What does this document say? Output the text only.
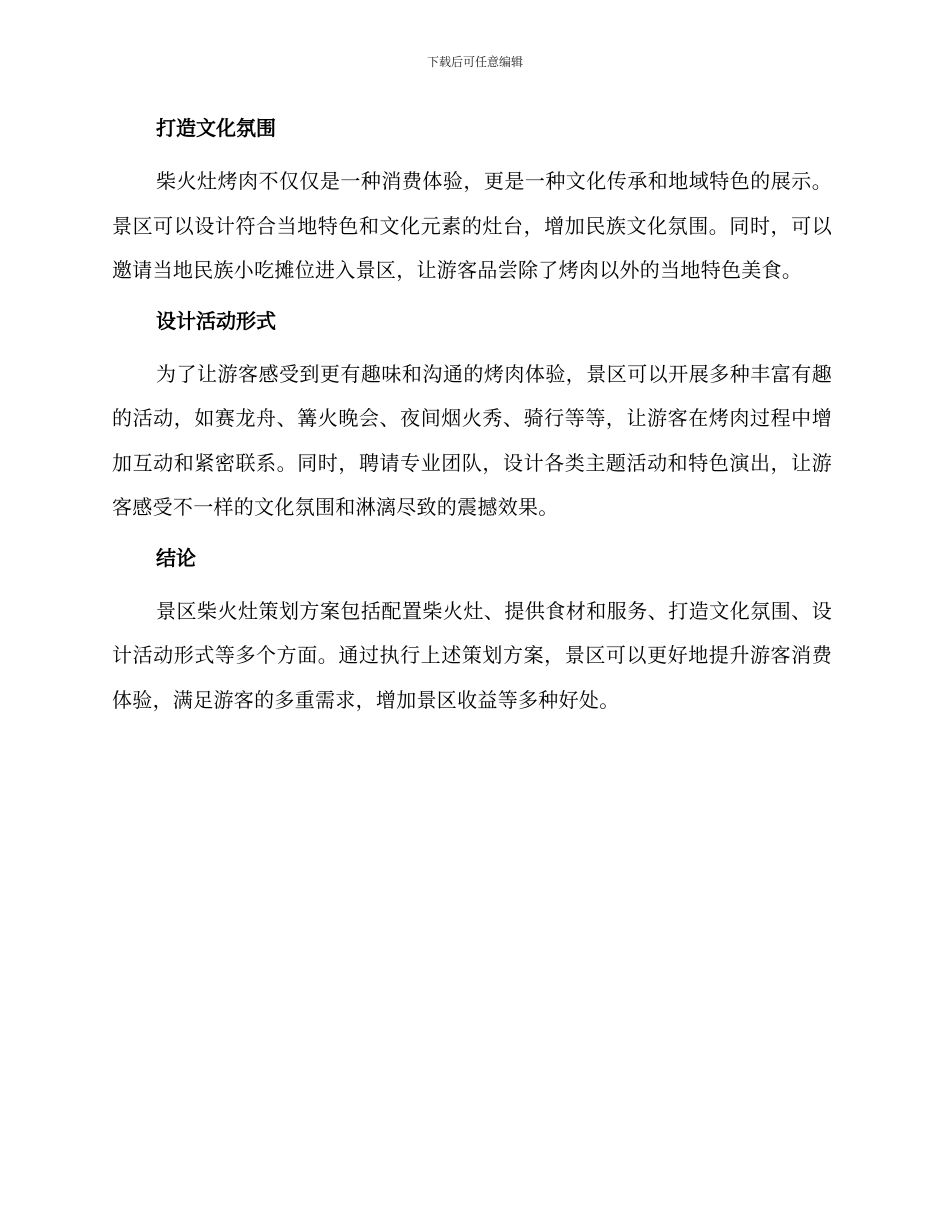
下载后可任意编辑
打造文化氛围

柴火灶烤肉不仅仅是一种消费体验，更是一种文化传承和地域特色的展示。景区可以设计符合当地特色和文化元素的灶台，增加民族文化氛围。同时，可以邀请当地民族小吃摊位进入景区，让游客品尝除了烤肉以外的当地特色美食。

设计活动形式

为了让游客感受到更有趣味和沟通的烤肉体验，景区可以开展多种丰富有趣的活动，如赛龙舟、篝火晚会、夜间烟火秀、骑行等等，让游客在烤肉过程中增加互动和紧密联系。同时，聘请专业团队，设计各类主题活动和特色演出，让游客感受不一样的文化氛围和淋漓尽致的震撼效果。

结论

景区柴火灶策划方案包括配置柴火灶、提供食材和服务、打造文化氛围、设计活动形式等多个方面。通过执行上述策划方案，景区可以更好地提升游客消费体验，满足游客的多重需求，增加景区收益等多种好处。
